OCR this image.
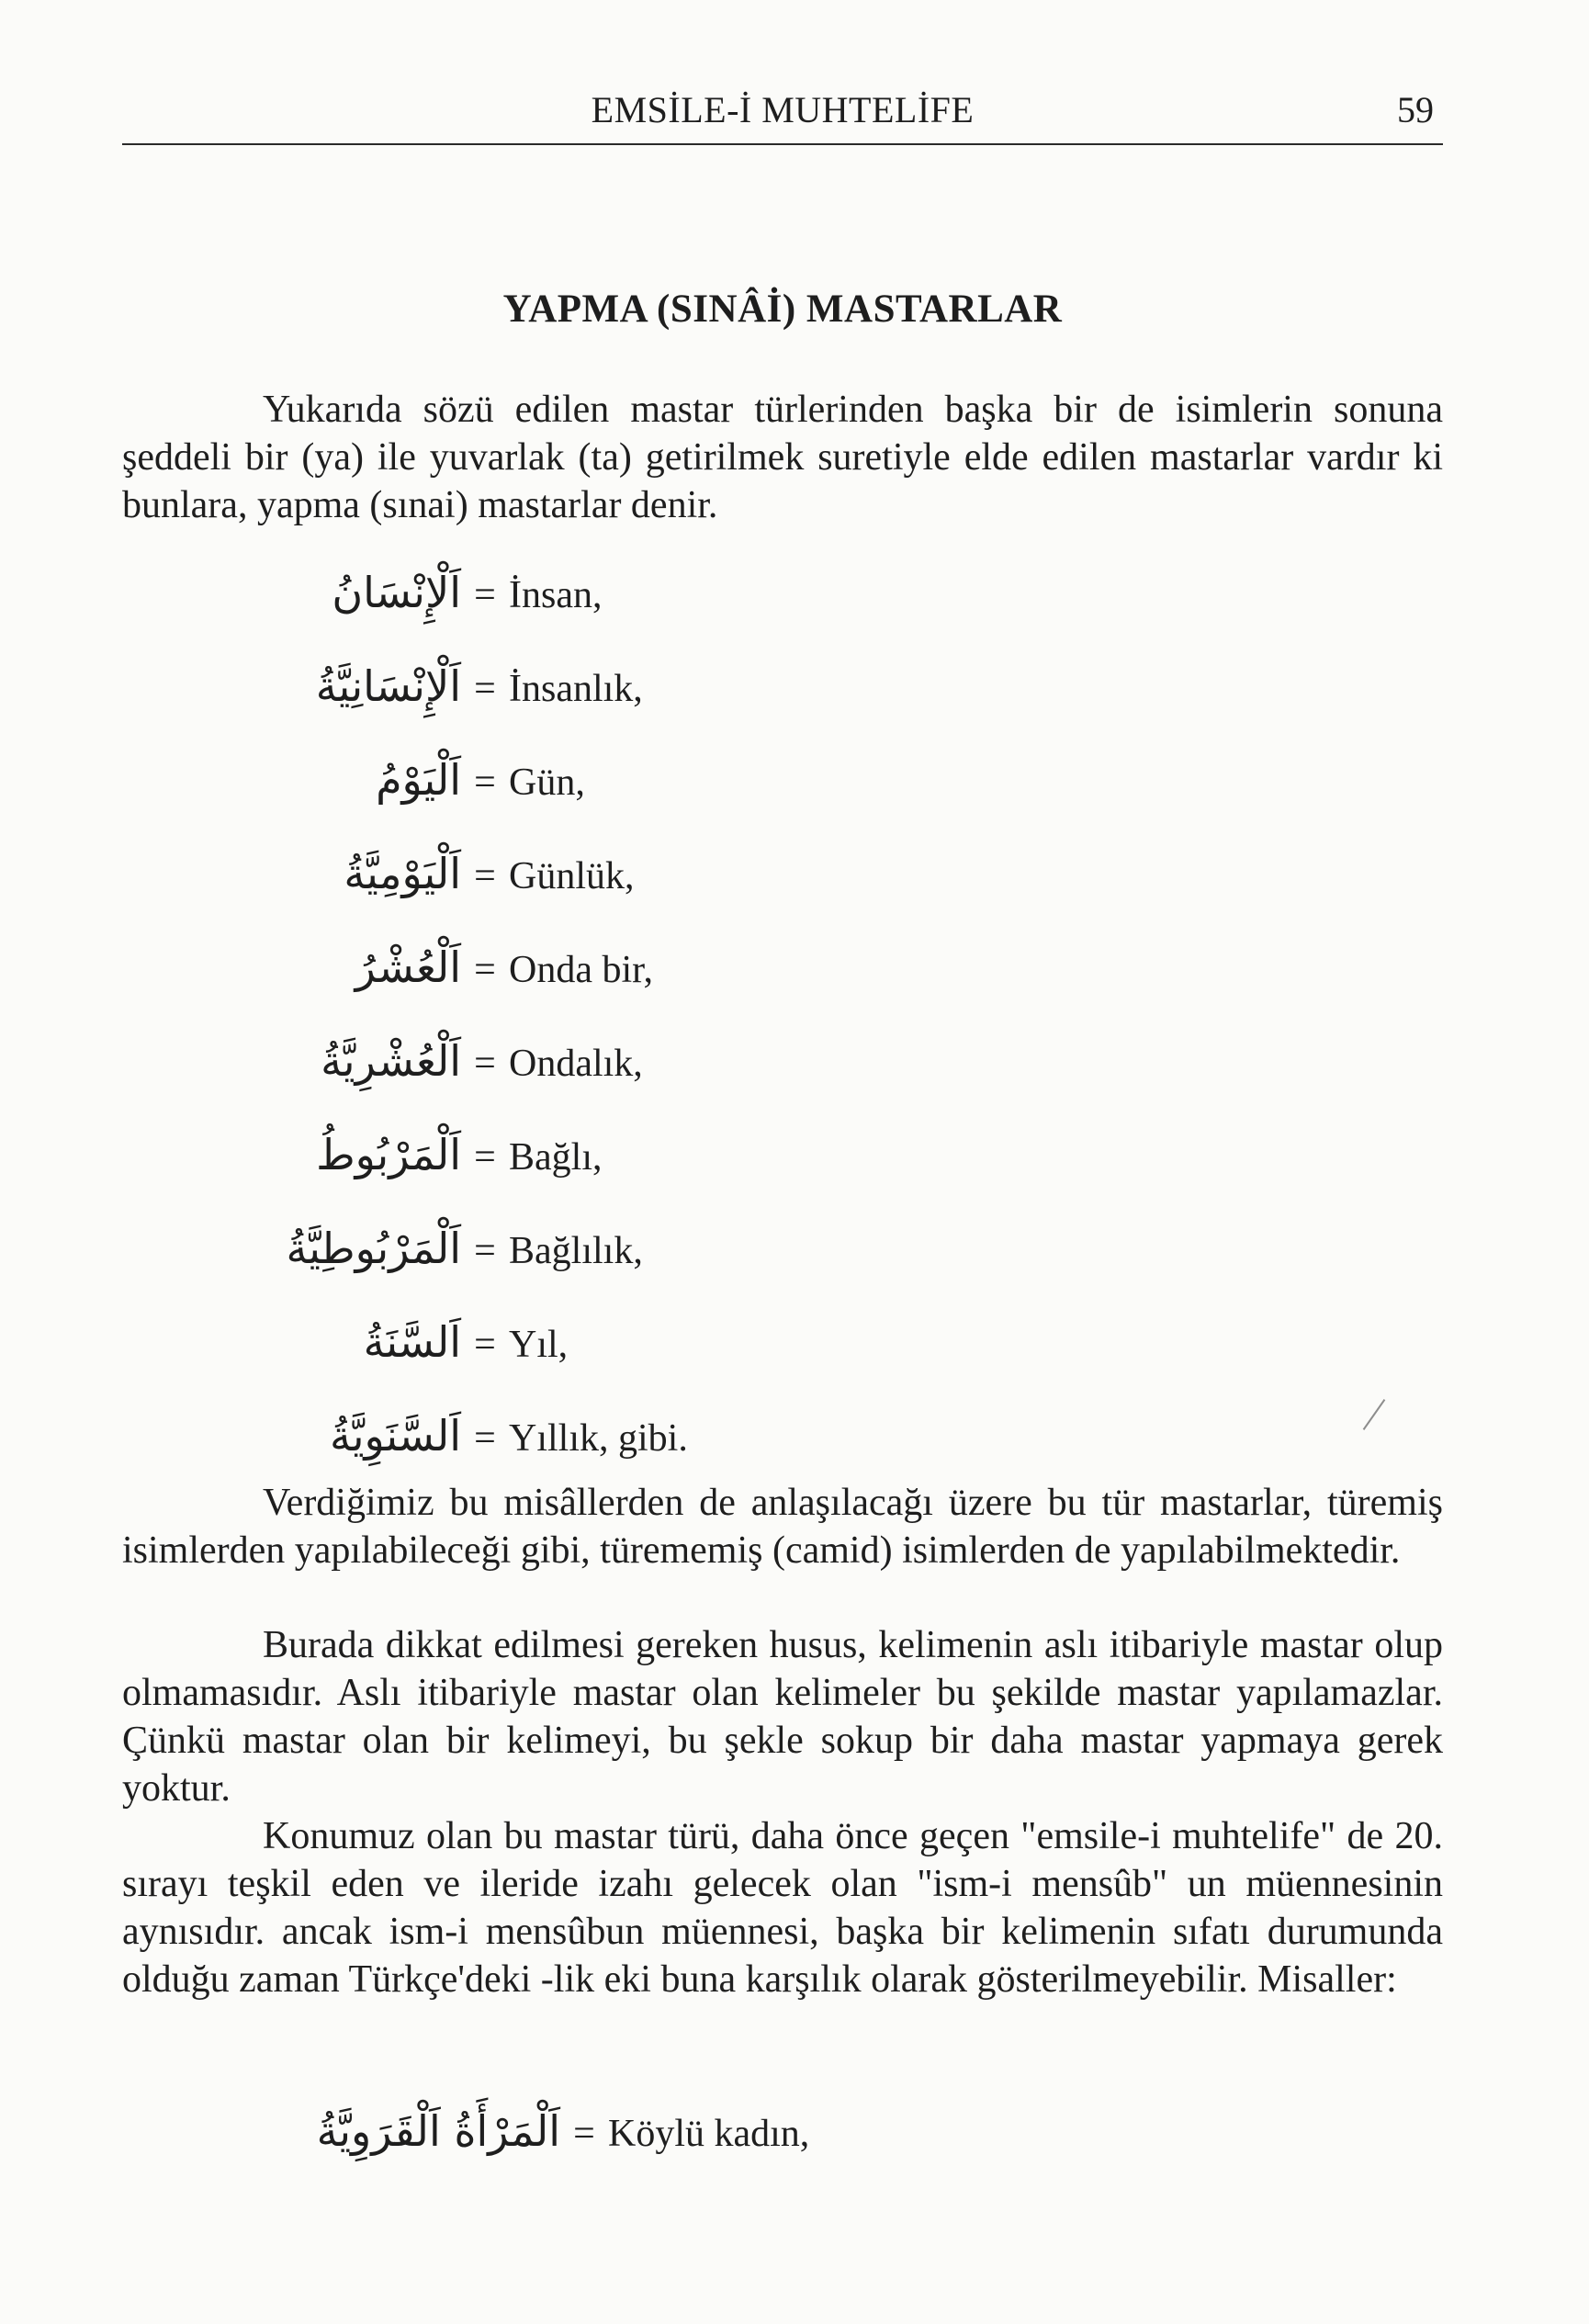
EMSİLE-İ MUHTELİFE	59
YAPMA (SINÂİ) MASTARLAR

Yukarıda sözü edilen mastar türlerinden başka bir de isimlerin sonuna şeddeli bir (ya) ile yuvarlak (ta) getirilmek suretiyle elde edilen mastarlar vardır ki bunlara, yapma (sınai) mastarlar denir.

اَلْإِنْسَانُ = İnsan,
اَلْإِنْسَانِيَّةُ = İnsanlık,
اَلْيَوْمُ = Gün,
اَلْيَوْمِيَّةُ = Günlük,
اَلْعُشْرُ = Onda bir,
اَلْعُشْرِيَّةُ = Ondalık,
اَلْمَرْبُوطُ = Bağlı,
اَلْمَرْبُوطِيَّةُ = Bağlılık,
اَلسَّنَةُ = Yıl,
اَلسَّنَوِيَّةُ = Yıllık, gibi.

Verdiğimiz bu misâllerden de anlaşılacağı üzere bu tür mastarlar, türemiş isimlerden yapılabileceği gibi, türememiş (camid) isimlerden de yapılabilmektedir.

Burada dikkat edilmesi gereken husus, kelimenin aslı itibariyle mastar olup olmamasıdır. Aslı itibariyle mastar olan kelimeler bu şekilde mastar yapılamazlar. Çünkü mastar olan bir kelimeyi, bu şekle sokup bir daha mastar yapmaya gerek yoktur.

Konumuz olan bu mastar türü, daha önce geçen "emsile-i muhtelife" de 20. sırayı teşkil eden ve ileride izahı gelecek olan "ism-i mensûb" un müennesinin aynısıdır. ancak ism-i mensûbun müennesi, başka bir kelimenin sıfatı durumunda olduğu zaman Türkçe'deki -lik eki buna karşılık olarak gösterilmeyebilir. Misaller:

اَلْمَرْأَةُ اَلْقَرَوِيَّةُ = Köylü kadın,
